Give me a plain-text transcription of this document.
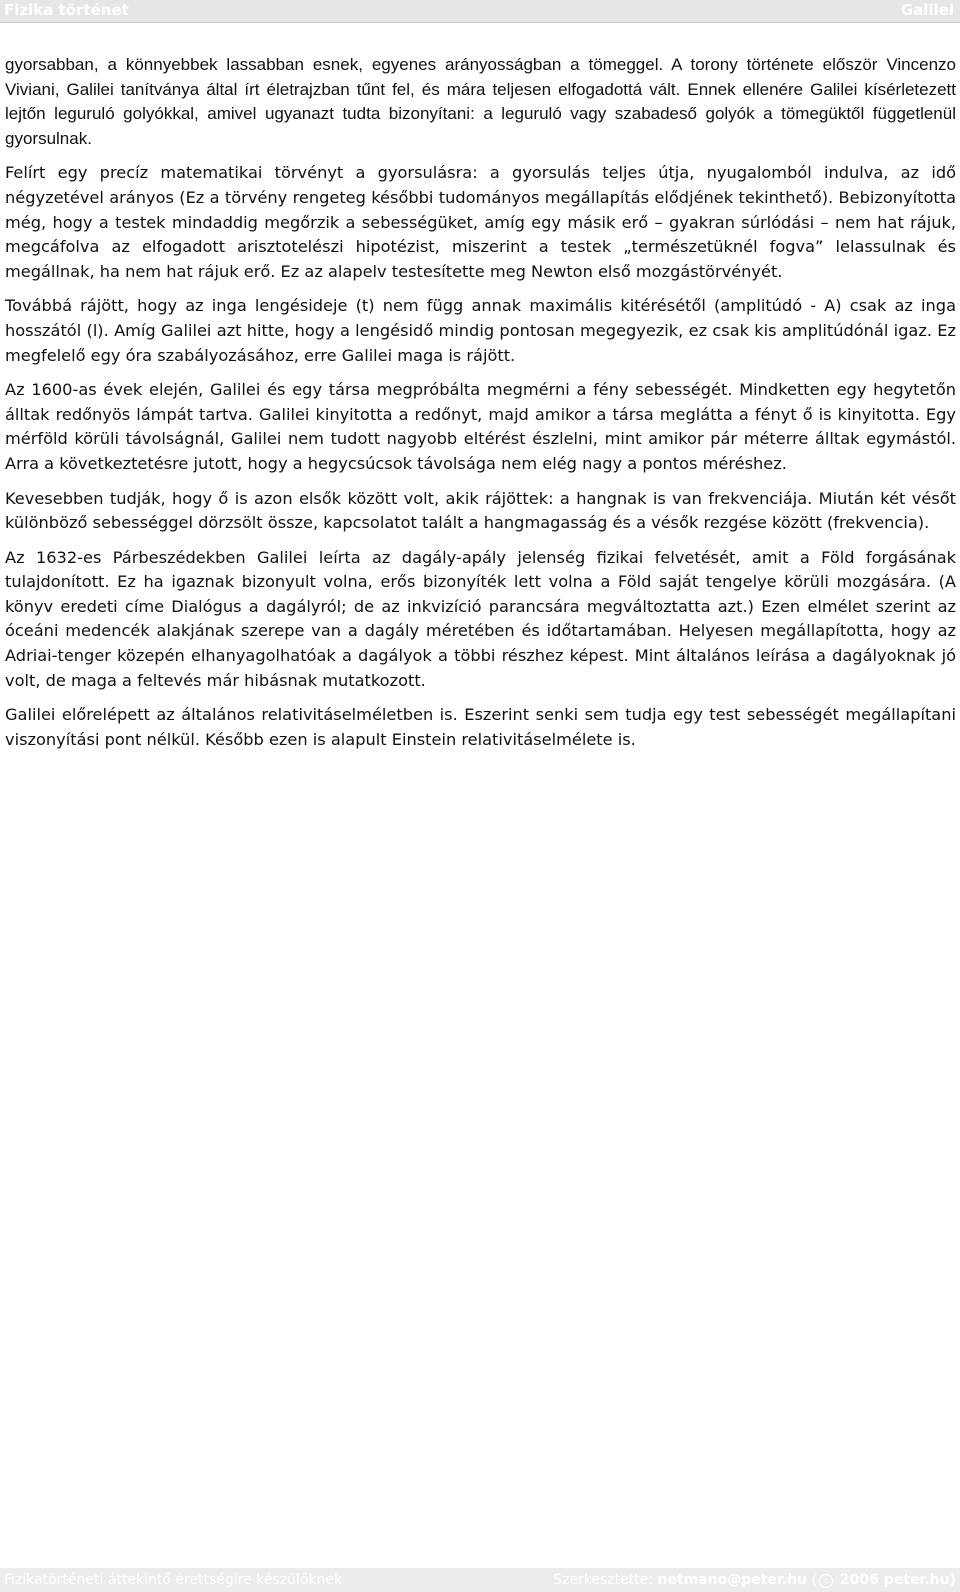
Fizika történet	Galilei

gyorsabban, a könnyebbek lassabban esnek, egyenes arányosságban a tömeggel. A torony története először Vincenzo Viviani, Galilei tanítványa által írt életrajzban tűnt fel, és mára teljesen elfogadottá vált. Ennek ellenére Galilei kísérletezett lejtőn leguruló golyókkal, amivel ugyanazt tudta bizonyítani: a leguruló vagy szabadeső golyók a tömegüktől függetlenül gyorsulnak.

Felírt egy precíz matematikai törvényt a gyorsulásra: a gyorsulás teljes útja, nyugalomból indulva, az idő négyzetével arányos (Ez a törvény rengeteg későbbi tudományos megállapítás elődjének tekinthető). Bebizonyította még, hogy a testek mindaddig megőrzik a sebességüket, amíg egy másik erő – gyakran súrlódási – nem hat rájuk, megcáfolva az elfogadott arisztotelészi hipotézist, miszerint a testek „természetüknél fogva” lelassulnak és megállnak, ha nem hat rájuk erő. Ez az alapelv testesítette meg Newton első mozgástörvényét.

Továbbá rájött, hogy az inga lengésideje (t) nem függ annak maximális kitérésétől (amplitúdó - A) csak az inga hosszától (l). Amíg Galilei azt hitte, hogy a lengésidő mindig pontosan megegyezik, ez csak kis amplitúdónál igaz. Ez megfelelő egy óra szabályozásához, erre Galilei maga is rájött.

Az 1600-as évek elején, Galilei és egy társa megpróbálta megmérni a fény sebességét. Mindketten egy hegytetőn álltak redőnyös lámpát tartva. Galilei kinyitotta a redőnyt, majd amikor a társa meglátta a fényt ő is kinyitotta. Egy mérföld körüli távolságnál, Galilei nem tudott nagyobb eltérést észlelni, mint amikor pár méterre álltak egymástól. Arra a következtetésre jutott, hogy a hegycsúcsok távolsága nem elég nagy a pontos méréshez.

Kevesebben tudják, hogy ő is azon elsők között volt, akik rájöttek: a hangnak is van frekvenciája. Miután két vésőt különböző sebességgel dörzsölt össze, kapcsolatot talált a hangmagasság és a vésők rezgése között (frekvencia).

Az 1632-es Párbeszédekben Galilei leírta az dagály-apály jelenség fizikai felvetését, amit a Föld forgásának tulajdonított. Ez ha igaznak bizonyult volna, erős bizonyíték lett volna a Föld saját tengelye körüli mozgására. (A könyv eredeti címe Dialógus a dagályról; de az inkvizíció parancsára megváltoztatta azt.) Ezen elmélet szerint az óceáni medencék alakjának szerepe van a dagály méretében és időtartamában. Helyesen megállapította, hogy az Adriai-tenger közepén elhanyagolhatóak a dagályok a többi részhez képest. Mint általános leírása a dagályoknak jó volt, de maga a feltevés már hibásnak mutatkozott.

Galilei előrelépett az általános relativitáselméletben is. Eszerint senki sem tudja egy test sebességét megállapítani viszonyítási pont nélkül. Később ezen is alapult Einstein relativitáselmélete is.

Fizikatörténeti áttekintő érettségire készülőknek	Szerkesztette: netmano@peter.hu ( c 2006 peter.hu)
